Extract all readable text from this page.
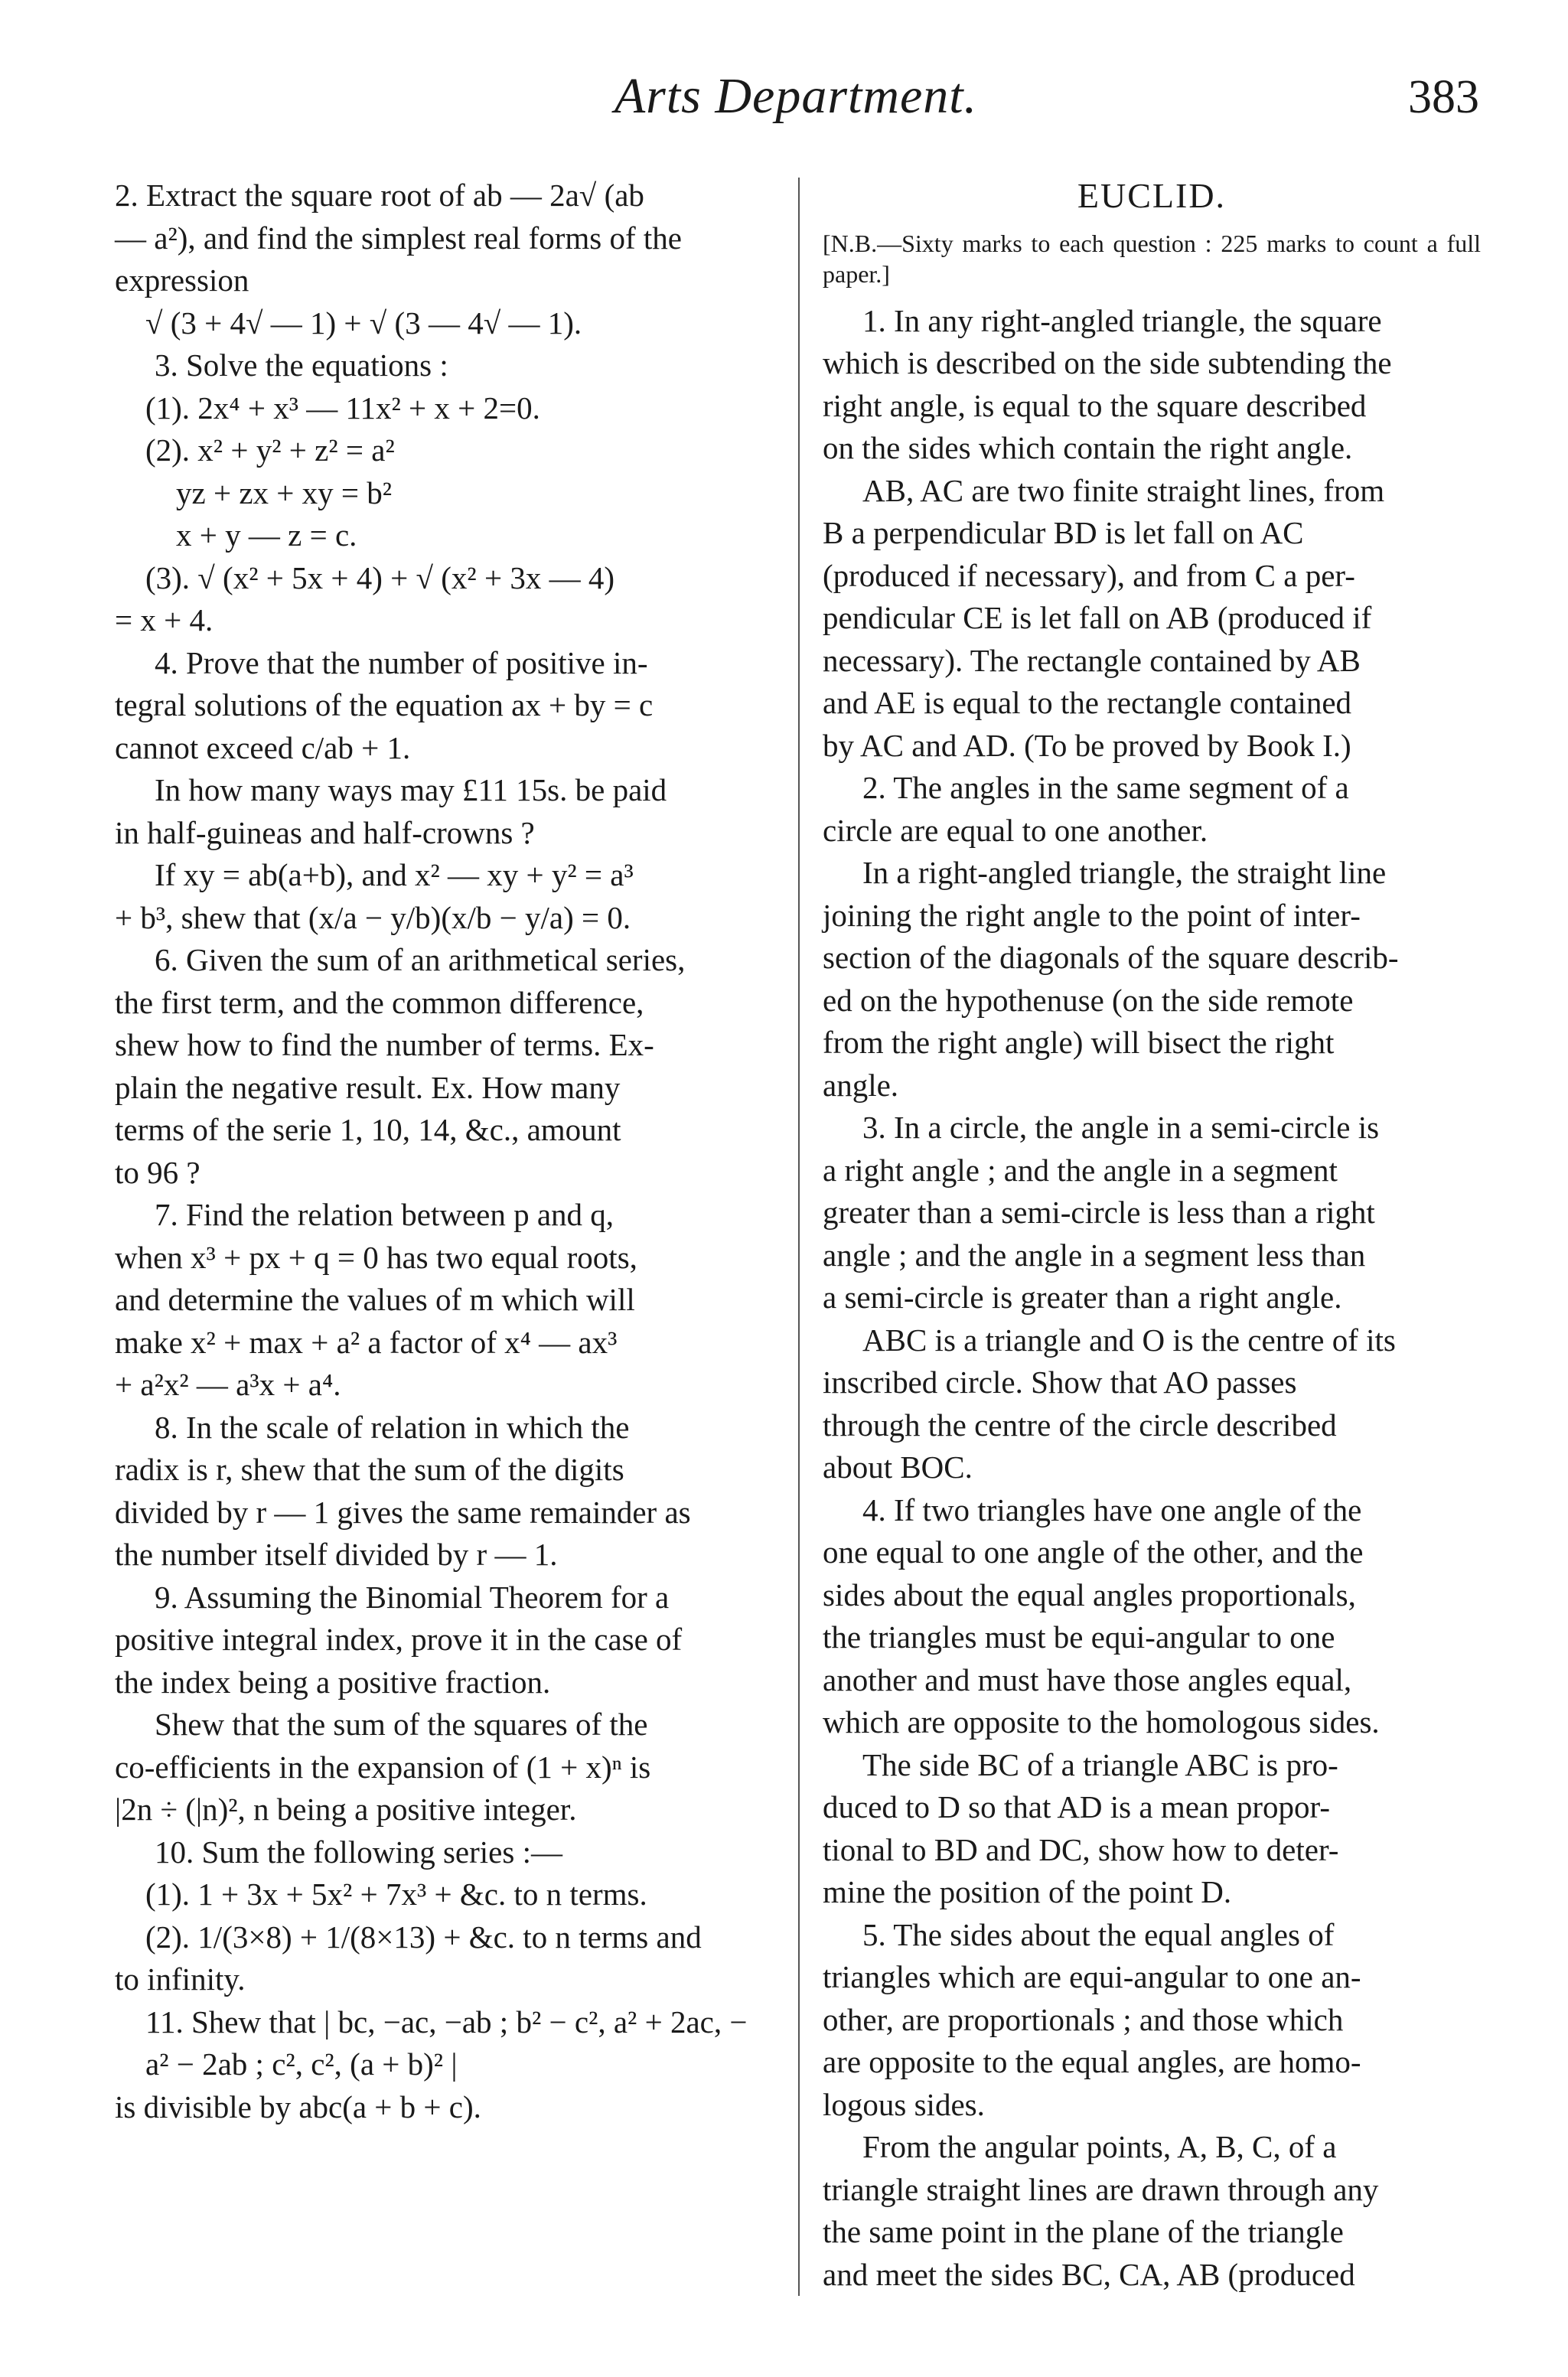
Arts Department.	383

2. Extract the square root of ab — 2a√ (ab

— a²), and find the simplest real forms of the

expression

√ (3 + 4√ — 1) + √ (3 — 4√ — 1).

3. Solve the equations :

(1). 2x⁴ + x³ — 11x² + x + 2=0.

(2). x² + y² + z² = a²

yz + zx + xy = b²

x + y — z = c.

(3). √ (x² + 5x + 4) + √ (x² + 3x — 4)

= x + 4.

4. Prove that the number of positive in-

tegral solutions of the equation ax + by = c

cannot exceed c/ab + 1.

In how many ways may £11 15s. be paid

in half-guineas and half-crowns ?

If xy = ab(a+b), and x² — xy + y² = a³

+ b³, shew that (x/a − y/b)(x/b − y/a) = 0.

6. Given the sum of an arithmetical series,

the first term, and the common difference,

shew how to find the number of terms. Ex-

plain the negative result. Ex. How many

terms of the serie 1, 10, 14, &c., amount

to 96 ?

7. Find the relation between p and q,

when x³ + px + q = 0 has two equal roots,

and determine the values of m which will

make x² + max + a² a factor of x⁴ — ax³

+ a²x² — a³x + a⁴.

8. In the scale of relation in which the

radix is r, shew that the sum of the digits

divided by r — 1 gives the same remainder as

the number itself divided by r — 1.

9. Assuming the Binomial Theorem for a

positive integral index, prove it in the case of

the index being a positive fraction.

Shew that the sum of the squares of the

co-efficients in the expansion of (1 + x)ⁿ is

|2n ÷ (|n)², n being a positive integer.

10. Sum the following series :—

(1). 1 + 3x + 5x² + 7x³ + &c. to n terms.

(2). 1/(3×8) + 1/(8×13) + &c. to n terms and

to infinity.

11. Shew that | bc, −ac, −ab ; b² − c², a² + 2ac, − a² − 2ab ; c², c², (a + b)² |

is divisible by abc(a + b + c).

EUCLID.

[N.B.—Sixty marks to each question : 225 marks to count a full paper.]

1. In any right-angled triangle, the square

which is described on the side subtending the

right angle, is equal to the square described

on the sides which contain the right angle.

AB, AC are two finite straight lines, from

B a perpendicular BD is let fall on AC

(produced if necessary), and from C a per-

pendicular CE is let fall on AB (produced if

necessary). The rectangle contained by AB

and AE is equal to the rectangle contained

by AC and AD. (To be proved by Book I.)

2. The angles in the same segment of a

circle are equal to one another.

In a right-angled triangle, the straight line

joining the right angle to the point of inter-

section of the diagonals of the square describ-

ed on the hypothenuse (on the side remote

from the right angle) will bisect the right

angle.

3. In a circle, the angle in a semi-circle is

a right angle ; and the angle in a segment

greater than a semi-circle is less than a right

angle ; and the angle in a segment less than

a semi-circle is greater than a right angle.

ABC is a triangle and O is the centre of its

inscribed circle. Show that AO passes

through the centre of the circle described

about BOC.

4. If two triangles have one angle of the

one equal to one angle of the other, and the

sides about the equal angles proportionals,

the triangles must be equi-angular to one

another and must have those angles equal,

which are opposite to the homologous sides.

The side BC of a triangle ABC is pro-

duced to D so that AD is a mean propor-

tional to BD and DC, show how to deter-

mine the position of the point D.

5. The sides about the equal angles of

triangles which are equi-angular to one an-

other, are proportionals ; and those which

are opposite to the equal angles, are homo-

logous sides.

From the angular points, A, B, C, of a

triangle straight lines are drawn through any

the same point in the plane of the triangle

and meet the sides BC, CA, AB (produced
